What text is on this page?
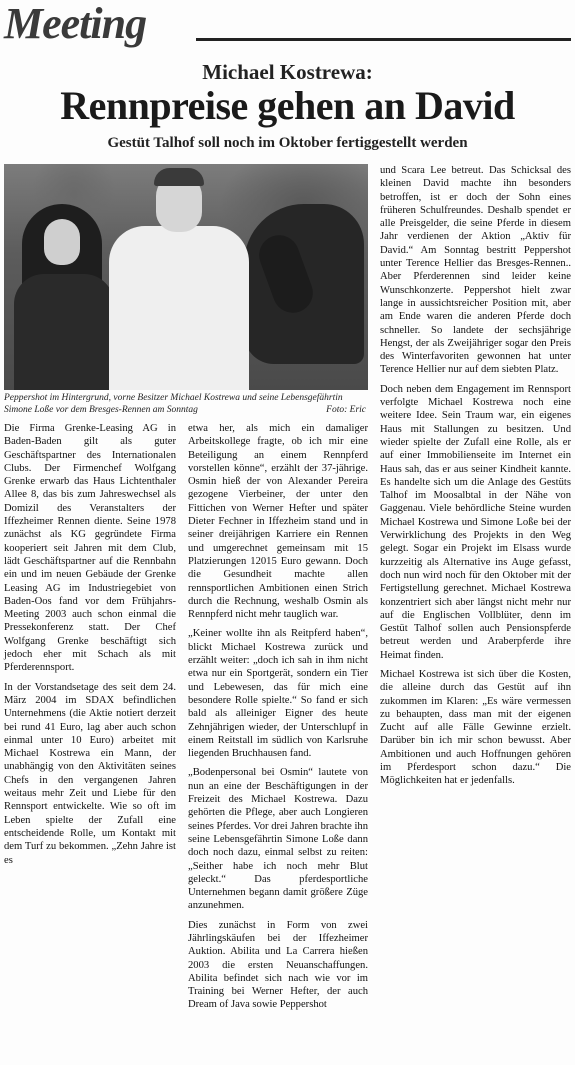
Meeting
Michael Kostrewa:
Rennpreise gehen an David
Gestüt Talhof soll noch im Oktober fertiggestellt werden
Peppershot im Hintergrund, vorne Besitzer Michael Kostrewa und seine Lebensgefährtin Simone Loße vor dem Bresges-Rennen am Sonntag	Foto: Eric

Die Firma Grenke-Leasing AG in Baden-Baden gilt als guter Geschäftspartner des Internationalen Clubs. Der Firmenchef Wolfgang Grenke erwarb das Haus Lichtenthaler Allee 8, das bis zum Jahreswechsel als Domizil des Veranstalters der Iffezheimer Rennen diente. Seine 1978 zunächst als KG gegründete Firma kooperiert seit Jahren mit dem Club, lädt Geschäftspartner auf die Rennbahn ein und im neuen Gebäude der Grenke Leasing AG im Industriegebiet von Baden-Oos fand vor dem Frühjahrs-Meeting 2003 auch schon einmal die Pressekonferenz statt. Der Chef Wolfgang Grenke beschäftigt sich jedoch eher mit Schach als mit Pferderennsport.

In der Vorstandsetage des seit dem 24. März 2004 im SDAX befindlichen Unternehmens (die Aktie notiert derzeit bei rund 41 Euro, lag aber auch schon einmal unter 10 Euro) arbeitet mit Michael Kostrewa ein Mann, der unabhängig von den Aktivitäten seines Chefs in den vergangenen Jahren weitaus mehr Zeit und Liebe für den Rennsport entwickelte. Wie so oft im Leben spielte der Zufall eine entscheidende Rolle, um Kontakt mit dem Turf zu bekommen. „Zehn Jahre ist es

etwa her, als mich ein damaliger Arbeitskollege fragte, ob ich mir eine Beteiligung an einem Rennpferd vorstellen könne“, erzählt der 37-jährige. Osmin hieß der von Alexander Pereira gezogene Vierbeiner, der unter den Fittichen von Werner Hefter und später Dieter Fechner in Iffezheim stand und in seiner dreijährigen Karriere ein Rennen und umgerechnet gemeinsam mit 15 Platzierungen 12015 Euro gewann. Doch die Gesundheit machte allen rennsportlichen Ambitionen einen Strich durch die Rechnung, weshalb Osmin als Rennpferd nicht mehr tauglich war.

„Keiner wollte ihn als Reitpferd haben“, blickt Michael Kostrewa zurück und erzählt weiter: „doch ich sah in ihm nicht etwa nur ein Sportgerät, sondern ein Tier und Lebewesen, das für mich eine besondere Rolle spielte.“ So fand er sich bald als alleiniger Eigner des heute Zehnjährigen wieder, der Unterschlupf in einem Reitstall im südlich von Karlsruhe liegenden Bruchhausen fand.

„Bodenpersonal bei Osmin“ lautete von nun an eine der Beschäftigungen in der Freizeit des Michael Kostrewa. Dazu gehörten die Pflege, aber auch Longieren seines Pferdes. Vor drei Jahren brachte ihn seine Lebensgefährtin Simone Loße dann doch noch dazu, einmal selbst zu reiten: „Seither habe ich noch mehr Blut geleckt.“ Das pferdesportliche Unternehmen begann damit größere Züge anzunehmen.

Dies zunächst in Form von zwei Jährlingskäufen bei der Iffezheimer Auktion. Abilita und La Carrera hießen 2003 die ersten Neuanschaffungen. Abilita befindet sich nach wie vor im Training bei Werner Hefter, der auch Dream of Java sowie Peppershot

und Scara Lee betreut. Das Schicksal des kleinen David machte ihn besonders betroffen, ist er doch der Sohn eines früheren Schulfreundes. Deshalb spendet er alle Preisgelder, die seine Pferde in diesem Jahr verdienen der Aktion „Aktiv für David.“ Am Sonntag bestritt Peppershot unter Terence Hellier das Bresges-Rennen.. Aber Pferderennen sind leider keine Wunschkonzerte. Peppershot hielt zwar lange in aussichtsreicher Position mit, aber am Ende waren die anderen Pferde doch schneller. So landete der sechsjährige Hengst, der als Zweijähriger sogar den Preis des Winterfavoriten gewonnen hat unter Terence Hellier nur auf dem siebten Platz.

Doch neben dem Engagement im Rennsport verfolgte Michael Kostrewa noch eine weitere Idee. Sein Traum war, ein eigenes Haus mit Stallungen zu besitzen. Und wieder spielte der Zufall eine Rolle, als er auf einer Immobilienseite im Internet ein Haus sah, das er aus seiner Kindheit kannte. Es handelte sich um die Anlage des Gestüts Talhof im Moosalbtal in der Nähe von Gaggenau. Viele behördliche Steine wurden Michael Kostrewa und Simone Loße bei der Verwirklichung des Projekts in den Weg gelegt. Sogar ein Projekt im Elsass wurde kurzzeitig als Alternative ins Auge gefasst, doch nun wird noch für den Oktober mit der Fertigstellung gerechnet. Michael Kostrewa konzentriert sich aber längst nicht mehr nur auf die Englischen Vollblüter, denn im Gestüt Talhof sollen auch Pensionspferde betreut werden und Araberpferde ihre Heimat finden.

Michael Kostrewa ist sich über die Kosten, die alleine durch das Gestüt auf ihn zukommen im Klaren: „Es wäre vermessen zu behaupten, dass man mit der eigenen Zucht auf alle Fälle Gewinne erzielt. Darüber bin ich mir schon bewusst. Aber Ambitionen und auch Hoffnungen gehören im Pferdesport schon dazu.“ Die Möglichkeiten hat er jedenfalls.
